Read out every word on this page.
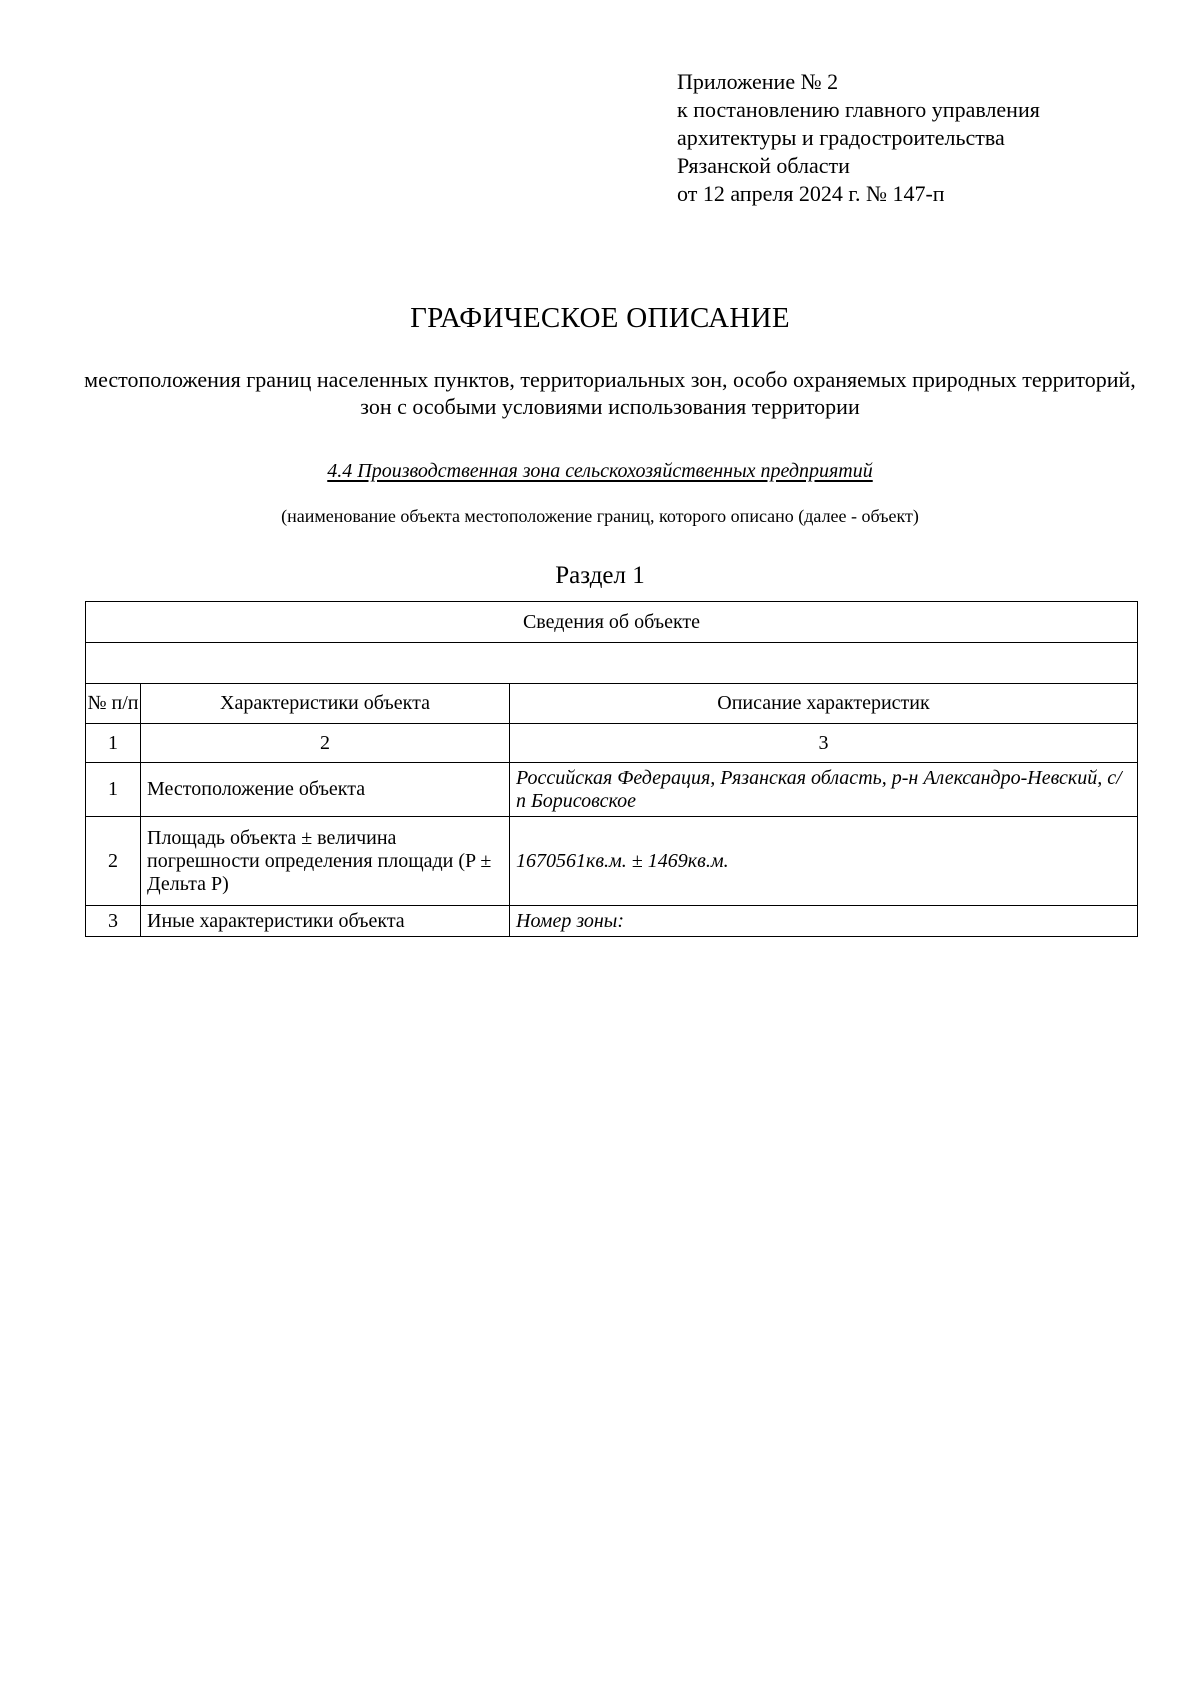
Приложение № 2
к постановлению главного управления
архитектуры и градостроительства
Рязанской области
от 12 апреля 2024 г. № 147-п
ГРАФИЧЕСКОЕ ОПИСАНИЕ
местоположения границ населенных пунктов, территориальных зон, особо охраняемых природных территорий, зон с особыми условиями использования территории
4.4 Производственная зона сельскохозяйственных предприятий
(наименование объекта местоположение границ, которого описано (далее - объект)
Раздел 1
Сведения об объекте		

№ п/п	Характеристики объекта	Описание характеристик
1	2	3
1	Местоположение объекта	Российская Федерация, Рязанская область, р-н Александро-Невский, с/п Борисовское
2	Площадь объекта ± величина погрешности определения площади (P ± Дельта P)	1670561кв.м. ± 1469кв.м.
3	Иные характеристики объекта	Номер зоны:
